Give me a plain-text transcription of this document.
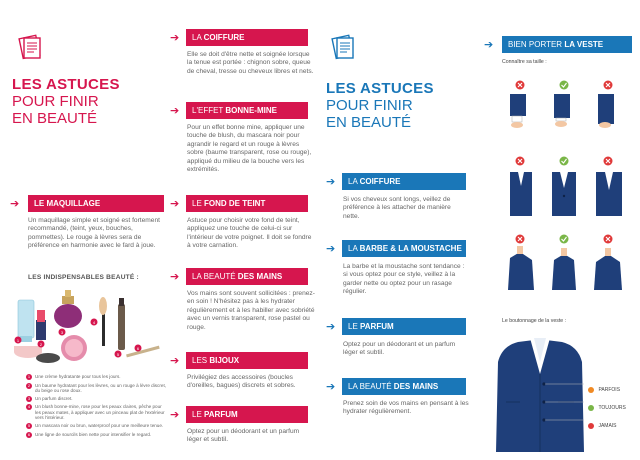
LES ASTUCES
POUR FINIR
EN BEAUTÉ
➔	LE MAQUILLAGE
Un maquillage simple et soigné est fortement recommandé, (teint, yeux, bouches, pommettes). Le rouge à lèvres sera de préférence en harmonie avec le fard à joue.
LES INDISPENSABLES BEAUTÉ :
1
2
3
4
5
6
1	Une crème hydratante pour tous les jours.
2	Un baume hydratant pour les lèvres, ou un rouge à lèvre discret, du beige ou rose doux.
3	Un parfum discret.
4	Un blush bonne-mine, rose pour les peaux claires, pêche pour les peaux mates, à appliquer avec un pinceau plat de l'extérieur vers l'intérieur.
5	Un mascara noir ou brun, waterproof pour une meilleure tenue.
6	Une ligne de sourcils bien nette pour intensifier le regard.
➔	LA COIFFURE
Elle se doit d'être nette et soignée lorsque la tenue est portée : chignon sobre, queue de cheval, tresse ou cheveux libres et nets.
➔	L'EFFET BONNE-MINE
Pour un effet bonne mine, appliquer une touche de blush, du mascara noir pour agrandir le regard et un rouge à lèvres sobre (baume transparent, rose ou rouge), appliqué du milieu de la bouche vers les extrémités.
➔	LE FOND DE TEINT
Astuce pour choisir votre fond de teint, appliquez une touche de celui-ci sur l'intérieur de votre poignet. Il doit se fondre à votre carnation.
➔	LA BEAUTÉ DES MAINS
Vos mains sont souvent sollicitées : prenez-en soin ! N'hésitez pas à les hydrater régulièrement et à les habiller avec sobriété avec un vernis transparent, rose pastel ou rouge.
➔	LES BIJOUX
Privilégiez des accessoires (boucles d'oreilles, bagues) discrets et sobres.
➔	LE PARFUM
Optez pour un déodorant et un parfum léger et subtil.
LES ASTUCES
POUR FINIR
EN BEAUTÉ
➔	LA COIFFURE
Si vos cheveux sont longs, veillez de préférence à les attacher de manière nette.
➔	LA BARBE & LA MOUSTACHE
La barbe et la moustache sont tendance : si vous optez pour ce style, veillez à la garder nette ou optez pour un rasage régulier.
➔	LE PARFUM
Optez pour un déodorant et un parfum léger et subtil.
➔	LA BEAUTÉ DES MAINS
Prenez soin de vos mains en pensant à les hydrater régulièrement.
➔	BIEN PORTER LA VESTE
Connaître sa taille :
Le boutonnage de la veste :
PARFOIS
TOUJOURS
JAMAIS
